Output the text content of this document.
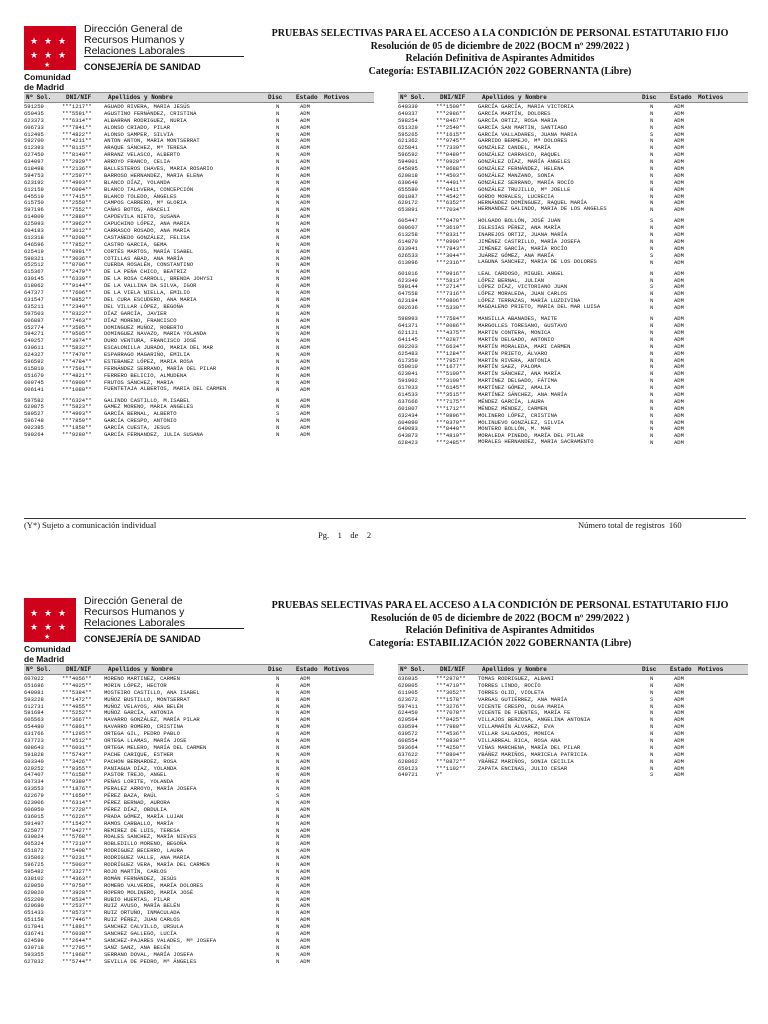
★ ★ ★
★ ★ ★
★
Comunidad
de Madrid
Dirección General de
Recursos Humanos y
Relaciones Laborales
CONSEJERÍA DE SANIDAD
PRUEBAS SELECTIVAS PARA EL ACCESO A LA CONDICIÓN DE PERSONAL ESTATUTARIO FIJO
Resolución de 05 de diciembre de 2022 (BOCM nº 299/2022 )
Relación Definitiva de Aspirantes Admitidos
Categoría: ESTABILIZACIÓN 2022 GOBERNANTA (Libre)
Nº Sol. DNI/NIF	Apellidos y Nombre	Disc Estado Motivos	Nº Sol. DNI/NIF	Apellidos y Nombre	Disc Estado Motivos
591259	***1217**	AGUADO RIVERA, MARIA JESÚS	N	ADM
650435	***5591**	AGUSTINO FERNÁNDEZ, CRISTINA	N	ADM
623373	***6314**	ALBARRAN RODRIGUEZ, NURIA	N	ADM
606733	***7841**	ALONSO CRIADO, PILAR	N	ADM
612495	***4822**	ALONSO SAMPER, SILVIA	N	ADM
592700	***4211**	ANTON ANTON, MARIA MONTSERRAT	N	ADM
612393	***8115**	ARAQUE SÁNCHEZ, Mª TERESA	N	ADM
627450	***8140**	ARRANZ VELASCO, ALBERTO	N	ADM
634097	***2929**	ARROYO FRANCO, CELIA	N	ADM
618498	***2136**	BALLESTEROS CHAVES, MARIA ROSARIO	N	ADM
594753	***2597**	BARROSO HERNANDEZ, MARIA ELENA	N	ADM
623192	***4993**	BLANCO DÍAZ, YOLANDA	N	ADM
612159	***6094**	BLANCO TALAVERA, CONCEPCIÓN	N	ADM
645519	***7415**	BLANCO TOLEDO, ÁNGELES	N	ADM
615750	***2550**	CAMPOS CARRERO, Mª GLORIA	N	ADM
597196	***7552**	CAÑAS BOTOS, ARACELI	N	ADM
614809	***2889**	CAPDEVILA NIETO, SUSANA	N	ADM
625993	***3962**	CAPUCHINO LÓPEZ, ANA MARIA	N	ADM
604183	***3012**	CARRASCO ROSADO, ANA MARIA	N	ADM
612318	***8208**	CASTAÑEDO GONZÁLEZ, FELISA	N	ADM
646596	***7852**	CASTRO GARCIA, GEMA	N	ADM
625419	***0991**	CORTÉS MARTOS, MARÍA ISABEL	N	ADM
598321	***3036**	COTILLAS ABAD, ANA MARÍA	N	ADM
652512	***8706**	CUERDA ROSALÉN, CONSTANTINO	N	ADM
615367	***2479**	DE LA PEÑA CHICO, BEATRIZ	N	ADM
630145	***6339**	DE LA ROSA CARROLL, BRENDA JOHYSI	N	ADM
618062	***9144**	DE LA VALLINA DA SILVA, IGOR	N	ADM
647377	***7606**	DE LA VIELA NIELLA, EMILIO	N	ADM
631547	***8852**	DEL CURA ESCUDERO, ANA MARIA	N	ADM
635211	***2349**	DEL VILLAR LÓPEZ, BEGOÑA	N	ADM
597503	***8322**	DÍAZ GARCÍA, JAVIER	N	ADM
606887	***7463**	DÍAZ MORENO, FRANCISCO	N	ADM
652774	***3595**	DOMINGUEZ MUÑOZ, ROBERTO	N	ADM
594271	***9505**	DOMINGUEZ NAVAZO, MARIA YOLANDA	N	ADM
649257	***3974**	DURO VENTURA, FRANCISCO JOSÉ	N	ADM
630611	***5832**	ESCALONILLA JURADO, MARIA DEL MAR	N	ADM
624327	***7470**	ESPARRAGO MAGARIÑO, EMILIA	N	ADM
596592	***4784**	ESTEBANEZ LÓPEZ, MARIA ROSA	N	ADM
615810	***7591**	FERNÁNDEZ SERRANO, MARÍA DEL PILAR	N	ADM
651670	***4821**	FERRERO BELICIO, ALMUDENA	N	ADM
600745	***6900**	FRUTOS SÁNCHEZ, MARIA	N	ADM
606141	***1080**	FUENTETAJA ALBERTOS, MARÍA DEL CARMEN	N	ADM
597582	***6324**	GALINDO CASTILLO, M.ISABEL	N	ADM
620875	***5823**	GAMEZ MORENO, MARIA ANGELES	N	ADM
589527	***4993**	GARCÍA BERNAL, ALBERTO	S	ADM
596748	***7859**	GARCÍA CRESPO, ANTONIO	N	ADM
602385	***1858**	GARCÍA CUESTA, JESUS	N	ADM
590264	***9280**	GARCÍA FERNANDEZ, JULIA SUSANA	N	ADM
640339	***1500**	GARCÍA GARCÍA, MARIA VICTORIA	N	ADM
640337	***2986**	GARCÍA MARTÍN, DOLORES	N	ADM
598254	***8467**	GARCÍA ORTIZ, ROSA MARIA	N	ADM
651329	***2540**	GARCÍA SAN MARTIN, SANTIAGO	N	ADM
595265	***1615**	GARCÍA VALLADARES, JUANA MARIA	S	ADM
621362	***9745**	GARRIDO BERMEJO, Mª DOLORES	N	ADM
625841	***7339**	GONZÁLEZ CANDEL, MARÍA	N	ADM
596592	***0489**	GONZÁLEZ CARRASCO, RAQUEL	N	ADM
594901	***0929**	GONZÁLEZ DÍAZ, MARÍA ÁNGELES	N	ADM
645895	***0688**	GONZÁLEZ FERNÁNDEZ, HELENA	N	ADM
620818	***4503**	GONZÁLEZ MANZANO, SONIA	N	ADM
630649	***4401**	GONZÁLEZ SERRANO, MARÍA ROCÍO	N	ADM
655580	***0411**	GONZÁLEZ TRUJILLO, Mª JOELLE	N	ADM
601887	***4542**	GORDO MORALES, LUCRECIA	N	ADM
629172	***6352**	HERNÁNDEZ DOMÍNGUEZ, RAQUEL MARÍA	N	ADM
653891	***7034**	HERNÁNDEZ GALINDO, MARÍA DE LOS ÁNGELES	N	ADM
605447	***8470**	HOLGADO BOLLÓN, JOSÉ JUAN	S	ADM
600607	***3619**	IGLESIAS PÉREZ, ANA MARÍA	N	ADM
613258	***8331**	INAREJOS ORTIZ, JUANA MARÍA	N	ADM
614870	***0990**	JIMÉNEZ CASTRILLO, MARÍA JOSEFA	N	ADM
633941	***7843**	JIMÉNEZ GARCÍA, MARÍA ROCÍO	N	ADM
626533	***3044**	JUÁREZ GÓMEZ, ANA MARÍA	S	ADM
613096	***2316**	LAGUNA SÁNCHEZ, MARIA DE LOS DOLORES	N	ADM
601016	***9916**	LEAL CARDOSO, MIGUEL ANGEL	N	ADM
623349	***5813**	LÓPEZ BERNAL, JULIAN	N	ADM
590144	***2714**	LÓPEZ DÍAZ, VICTORIANO JUAN	S	ADM
647558	***7316**	LÓPEZ MORALEDA, JUAN CARLOS	N	ADM
623184	***0806**	LÓPEZ TERRAZAS, MARÍA LUZDIVINA	N	ADM
602636	***5330**	MAGDALENO PRIETO, MARIA DEL MAR LUISA	N	ADM
598993	***7584**	MANSILLA ABANADES, MAITE	N	ADM
641371	***0086**	MARGOLLES TORESANO, GUSTAVO	N	ADM
621121	***4375**	MARTIN CONTERA, MONICA	N	ADM
641145	***0287**	MARTÍN DELGADO, ANTONIO	N	ADM
602203	***6634**	MARTÍN MORALEDA, MARI CARMEN	N	ADM
625483	***1284**	MARTÍN PRIETO, ÁLVARO	N	ADM
617359	***7957**	MARTÍN RIVERA, ANTONIA	N	ADM
650010	***1677**	MARTÍN SAEZ, PALOMA	N	ADM
623041	***5109**	MARTÍN SÁNCHEZ, ANA MARÍA	N	ADM
591902	***3100**	MARTÍNEZ DELGADO, FÁTIMA	N	ADM
617033	***6145**	MARTÍNEZ GÓMEZ, AMALIA	N	ADM
614533	***3515**	MARTÍNEZ SÁNCHEZ, ANA MARÍA	N	ADM
637666	***7175**	MÉNDEZ GARCÍA, LAURA	N	ADM
601807	***1712**	MÉNDEZ MÉNDEZ, CARMEN	N	ADM
632434	***0896**	MOLINERO LÓPEZ, CRISTINA	N	ADM
604090	***0370**	MOLINUEVO GONZÁLEZ, SILVIA	N	ADM
649093	***8440**	MONTERO BOLLÓN, M. MAR	N	ADM
643873	***4819**	MORALEDA PINEDO, MARÍA DEL PILAR	N	ADM
628423	***2485**	MORALES HERNANDEZ, MARIA SACRAMENTO	N	ADM
(Y*) Sujeto a comunicación individual
Pg. 1 de 2
Número total de registros 160
★ ★ ★
★ ★ ★
★
Comunidad
de Madrid
Dirección General de
Recursos Humanos y
Relaciones Laborales
CONSEJERÍA DE SANIDAD
PRUEBAS SELECTIVAS PARA EL ACCESO A LA CONDICIÓN DE PERSONAL ESTATUTARIO FIJO
Resolución de 05 de diciembre de 2022 (BOCM nº 299/2022 )
Relación Definitiva de Aspirantes Admitidos
Categoría: ESTABILIZACIÓN 2022 GOBERNANTA (Libre)
Nº Sol. DNI/NIF	Apellidos y Nombre	Disc Estado Motivos	Nº Sol. DNI/NIF	Apellidos y Nombre	Disc Estado Motivos
607022	***4056**	MORENO MARTINEZ, CARMEN	N	ADM
651686	***4025**	MORIN LÓPEZ, HECTOR	N	ADM
649981	***5384**	MOSTEIRO CASTILLO, ANA ISABEL	N	ADM
593228	***1472**	MUÑOZ BUSTILLO, MONTSERRAT	N	ADM
612731	***4955**	MUÑOZ VELAYOS, ANA BELÉN	N	ADM
591684	***5252**	MUÑOZ GARCÍA, ANTONIA	N	ADM
605563	***3667**	NAVARRO GONZÁLEZ, MARÍA PILAR	N	ADM
654480	***6801**	NAVARRO ROMERO, CRISTINA	N	ADM
631766	***1295**	ORTEGA GIL, PEDRO PABLO	N	ADM
637723	***0512**	ORTEGA LLAMAS, MARÍA JOSE	N	ADM
608643	***6031**	ORTEGA MELERO, MARÍA DEL CARMEN	N	ADM
591828	***5743**	PACHE CARIQUE, ESTHER	N	ADM
603340	***3426**	PACHON BERNARDEZ, ROSA	N	ADM
629252	***8355**	PANIAGUA DÍAZ, YOLANDA	N	ADM
647407	***6158**	PASTOR TREJO, ANGEL	N	ADM
607334	***9389**	PEÑAS LORITE, YOLANDA	N	ADM
633553	***1876**	PERALEZ ARROYO, MARÍA JOSEFA	N	ADM
622679	***1659**	PÉREZ BAZA, RAÚL	S	ADM
623906	***6314**	PÉREZ BERNAD, AURORA	N	ADM
606950	***2728**	PÉREZ DÍAZ, OBDULIA	N	ADM
636015	***6226**	PRADA GÓMEZ, MARÍA LUJAN	N	ADM
591497	***1542**	RAMOS CARBALLO, MARÍA	N	ADM
625977	***9427**	REMIREZ DE LUIS, TERESA	N	ADM
630024	***5768**	ROALES SANCHEZ, MARÍA NIEVES	N	ADM
605324	***7210**	ROBLEDILLO MORENO, BEGOÑA	N	ADM
651872	***5408**	RODRIGUEZ BECERRO, LAURA	N	ADM
635863	***0231**	RODRIGUEZ VALLE, ANA MARIA	N	ADM
596725	***5003**	RODRÍGUEZ VERA, MARÍA DEL CARMEN	N	ADM
595482	***3327**	ROJO MARTÍN, CARLOS	N	ADM
638102	***4363**	ROMÁN FERNÁNDEZ, JESÚS	N	ADM
620050	***9759**	ROMERO VALVERDE, MARÍA DOLORES	N	ADM
620020	***3928**	ROPERO MOLINERO, MARÍA JOSÉ	N	ADM
652209	***8534**	RUBIO HUERTAS, PILAR	N	ADM
620680	***2537**	RUIZ AVUSO, MARÍA BELÉN	N	ADM
651433	***8573**	RUIZ ORTUÑO, INMACULADA	N	ADM
651158	***7446**	RUIZ PÉREZ, JUAN CARLOS	N	ADM
617841	***1891**	SANCHEZ CALVILLO, URSULA	N	ADM
636741	***6038**	SANCHEZ GALLEGO, LUCÍA	N	ADM
624599	***2644**	SANCHEZ-PAJARES VALADES, Mª JOSEFA	N	ADM
639718	***2795**	SANZ SANZ, ANA BELÉN	N	ADM
593355	***1968**	SERRANO DOVAL, MARÍA JOSEFA	N	ADM
627832	***5744**	SEVILLA DE PEDRO, Mª ÁNGELES	N	ADM
636935	***2978**	TOMAS RODRIGUEZ, ALBANI	N	ADM
629805	***4719**	TORRES LINDO, ROCÍO	N	ADM
611905	***3052**	TORRES OLID, VIOLETA	N	ADM
623672	***1578**	VARGAS GUTIÉRREZ, ANA MARÍA	S	ADM
597411	***3276**	VICENTE CRESPO, OLGA MARIA	N	ADM
624459	***7078**	VICENTE DE FUENTES, MARÍA FE	N	ADM
629564	***0425**	VILLAJOS BERZOSA, ANGELINA ANTONIA	N	ADM
630594	***7980**	VILLAMARÍN ÁLVAREZ, EVA	N	ADM
639572	***4536**	VILLAR SALGADOS, MONICA	N	ADM
608554	***8838**	VILLARREAL RICA, ROSA ANA	N	ADM
593664	***4250**	VIÑAS MARCHENA, MARÍA DEL PILAR	N	ADM
637622	***8804**	YBÁÑEZ MARIÑOS, MARICELA PATRICIA	N	ADM
628862	***8872**	YBÁÑEZ MARIÑOS, SONIA CECILIA	N	ADM
650123	***1102**	ZAPATA ENCINAS, JULIO CESAR	N	ADM
649721	Y*	S	ADM
